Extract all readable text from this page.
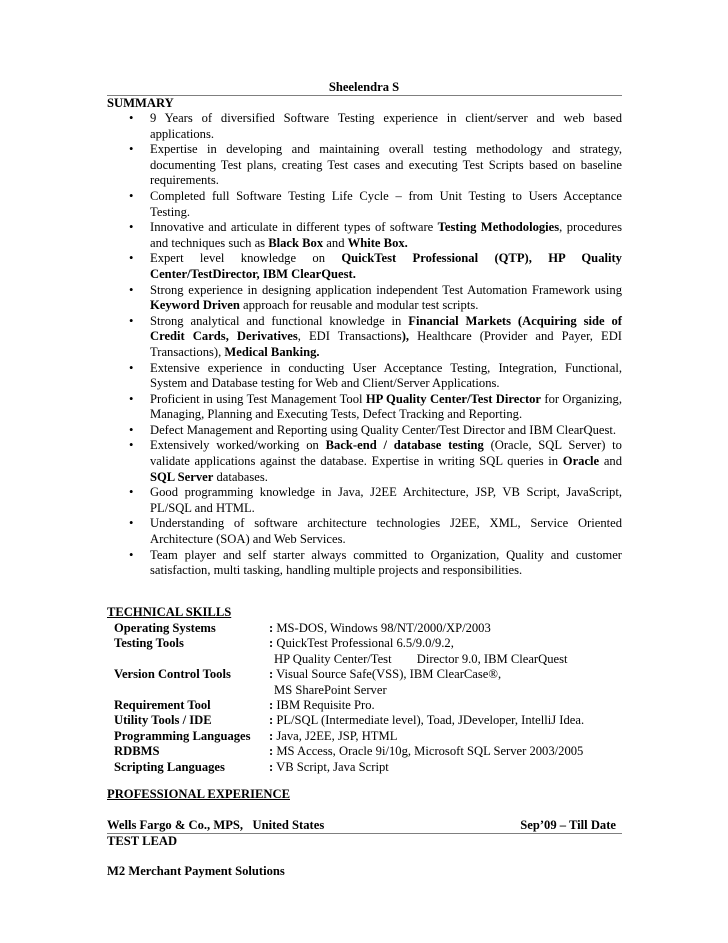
Sheelendra S
SUMMARY
• 9 Years of diversified Software Testing experience in client/server and web based applications.
• Expertise in developing and maintaining overall testing methodology and strategy, documenting Test plans, creating Test cases and executing Test Scripts based on baseline requirements.
• Completed full Software Testing Life Cycle – from Unit Testing to Users Acceptance Testing.
• Innovative and articulate in different types of software Testing Methodologies, procedures and techniques such as Black Box and White Box.
• Expert level knowledge on QuickTest Professional (QTP), HP Quality Center/TestDirector, IBM ClearQuest.
• Strong experience in designing application independent Test Automation Framework using Keyword Driven approach for reusable and modular test scripts.
• Strong analytical and functional knowledge in Financial Markets (Acquiring side of Credit Cards, Derivatives, EDI Transactions), Healthcare (Provider and Payer, EDI Transactions), Medical Banking.
• Extensive experience in conducting User Acceptance Testing, Integration, Functional, System and Database testing for Web and Client/Server Applications.
• Proficient in using Test Management Tool HP Quality Center/Test Director for Organizing, Managing, Planning and Executing Tests, Defect Tracking and Reporting.
• Defect Management and Reporting using Quality Center/Test Director and IBM ClearQuest.
• Extensively worked/working on Back-end / database testing (Oracle, SQL Server) to validate applications against the database. Expertise in writing SQL queries in Oracle and SQL Server databases.
• Good programming knowledge in Java, J2EE Architecture, JSP, VB Script, JavaScript, PL/SQL and HTML.
• Understanding of software architecture technologies J2EE, XML, Service Oriented Architecture (SOA) and Web Services.
• Team player and self starter always committed to Organization, Quality and customer satisfaction, multi tasking, handling multiple projects and responsibilities.
TECHNICAL SKILLS
Operating Systems	: MS-DOS, Windows 98/NT/2000/XP/2003
Testing Tools	: QuickTest Professional 6.5/9.0/9.2,
HP Quality Center/Test        Director 9.0, IBM ClearQuest
Version Control Tools	: Visual Source Safe(VSS), IBM ClearCase®,
MS SharePoint Server
Requirement Tool	: IBM Requisite Pro.
Utility Tools / IDE	: PL/SQL (Intermediate level), Toad, JDeveloper, IntelliJ Idea.
Programming Languages : Java, J2EE, JSP, HTML
RDBMS	: MS Access, Oracle 9i/10g, Microsoft SQL Server 2003/2005
Scripting Languages	: VB Script, Java Script
PROFESSIONAL EXPERIENCE
Wells Fargo & Co., MPS,   United States	Sep’09 – Till Date
TEST LEAD
M2 Merchant Payment Solutions
